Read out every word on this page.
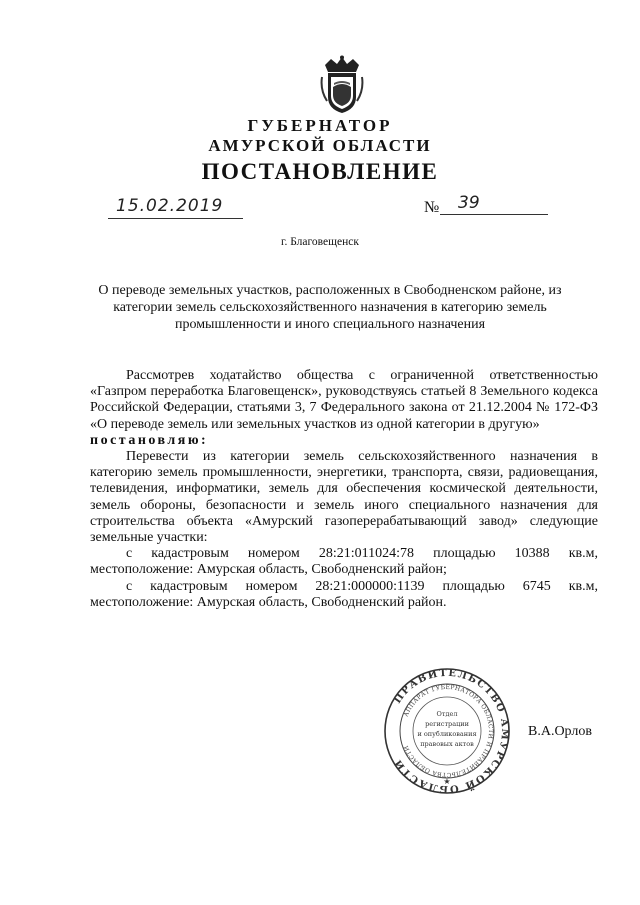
ГУБЕРНАТОР
АМУРСКОЙ ОБЛАСТИ
ПОСТАНОВЛЕНИЕ
15.02.2019	№ 39
г. Благовещенск
О переводе земельных участков, расположенных в Свободненском районе, из категории земель сельскохозяйственного назначения в категорию земель промышленности и иного специального назначения

Рассмотрев ходатайство общества с ограниченной ответственностью «Газпром переработка Благовещенск», руководствуясь статьей 8 Земельного кодекса Российской Федерации, статьями 3, 7 Федерального закона от 21.12.2004 № 172-ФЗ «О переводе земель или земельных участков из одной категории в другую»

постановляю:

Перевести из категории земель сельскохозяйственного назначения в категорию земель промышленности, энергетики, транспорта, связи, радиовещания, телевидения, информатики, земель для обеспечения космической деятельности, земель обороны, безопасности и земель иного специального назначения для строительства объекта «Амурский газоперерабатывающий завод» следующие земельные участки:

с кадастровым номером 28:21:011024:78 площадью 10388 кв.м, местоположение: Амурская область, Свободненский район;

с кадастровым номером 28:21:000000:1139 площадью 6745 кв.м, местоположение: Амурская область, Свободненский район.

ПРАВИТЕЛЬСТВО АМУРСКОЙ ОБЛАСТИ
АППАРАТ ГУБЕРНАТОРА ОБЛАСТИ И ПРАВИТЕЛЬСТВА ОБЛАСТИ
Отдел
регистрации
и опубликования
правовых актов
★
В.А.Орлов
